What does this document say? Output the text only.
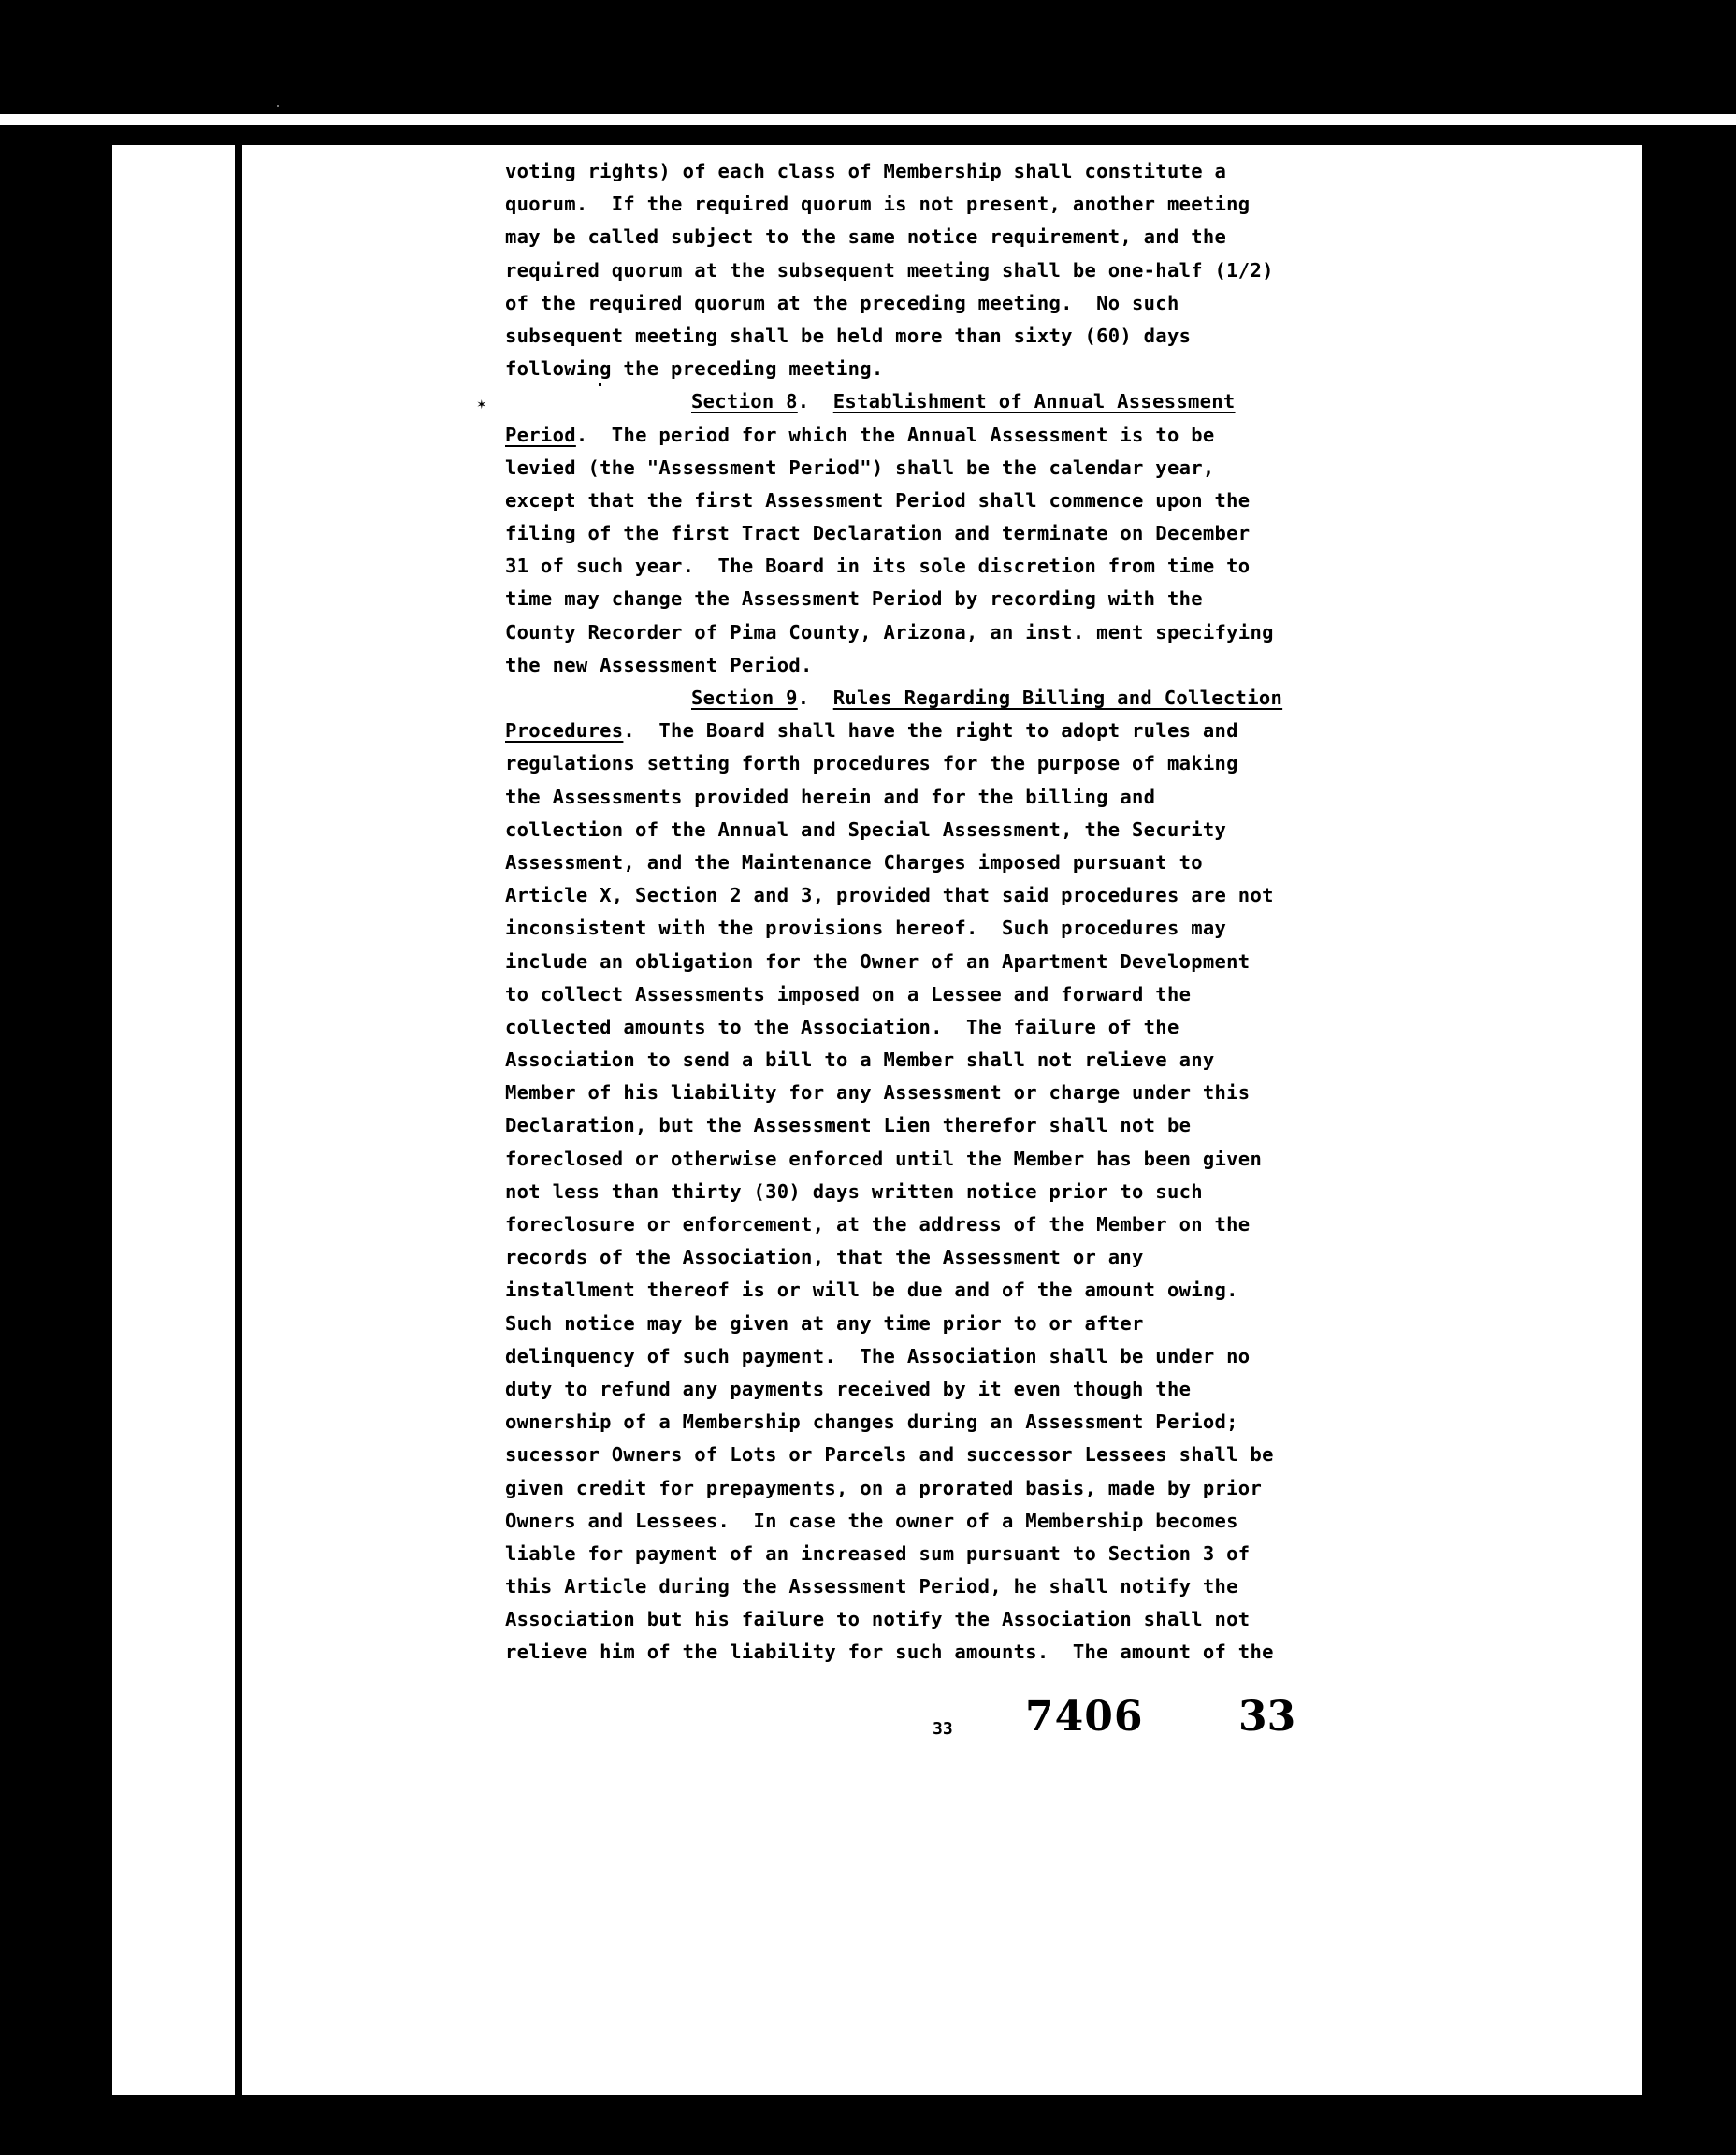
✶
voting rights) of each class of Membership shall constitute a
quorum.  If the required quorum is not present, another meeting
may be called subject to the same notice requirement, and the
required quorum at the subsequent meeting shall be one-half (1/2)
of the required quorum at the preceding meeting.  No such
subsequent meeting shall be held more than sixty (60) days
following the preceding meeting.
Section 8.  Establishment of Annual Assessment
Period.  The period for which the Annual Assessment is to be
levied (the "Assessment Period") shall be the calendar year,
except that the first Assessment Period shall commence upon the
filing of the first Tract Declaration and terminate on December
31 of such year.  The Board in its sole discretion from time to
time may change the Assessment Period by recording with the
County Recorder of Pima County, Arizona, an inst. ment specifying
the new Assessment Period.
Section 9.  Rules Regarding Billing and Collection
Procedures.  The Board shall have the right to adopt rules and
regulations setting forth procedures for the purpose of making
the Assessments provided herein and for the billing and
collection of the Annual and Special Assessment, the Security
Assessment, and the Maintenance Charges imposed pursuant to
Article X, Section 2 and 3, provided that said procedures are not
inconsistent with the provisions hereof.  Such procedures may
include an obligation for the Owner of an Apartment Development
to collect Assessments imposed on a Lessee and forward the
collected amounts to the Association.  The failure of the
Association to send a bill to a Member shall not relieve any
Member of his liability for any Assessment or charge under this
Declaration, but the Assessment Lien therefor shall not be
foreclosed or otherwise enforced until the Member has been given
not less than thirty (30) days written notice prior to such
foreclosure or enforcement, at the address of the Member on the
records of the Association, that the Assessment or any
installment thereof is or will be due and of the amount owing.
Such notice may be given at any time prior to or after
delinquency of such payment.  The Association shall be under no
duty to refund any payments received by it even though the
ownership of a Membership changes during an Assessment Period;
sucessor Owners of Lots or Parcels and successor Lessees shall be
given credit for prepayments, on a prorated basis, made by prior
Owners and Lessees.  In case the owner of a Membership becomes
liable for payment of an increased sum pursuant to Section 3 of
this Article during the Assessment Period, he shall notify the
Association but his failure to notify the Association shall not
relieve him of the liability for such amounts.  The amount of the
33 7406 33
